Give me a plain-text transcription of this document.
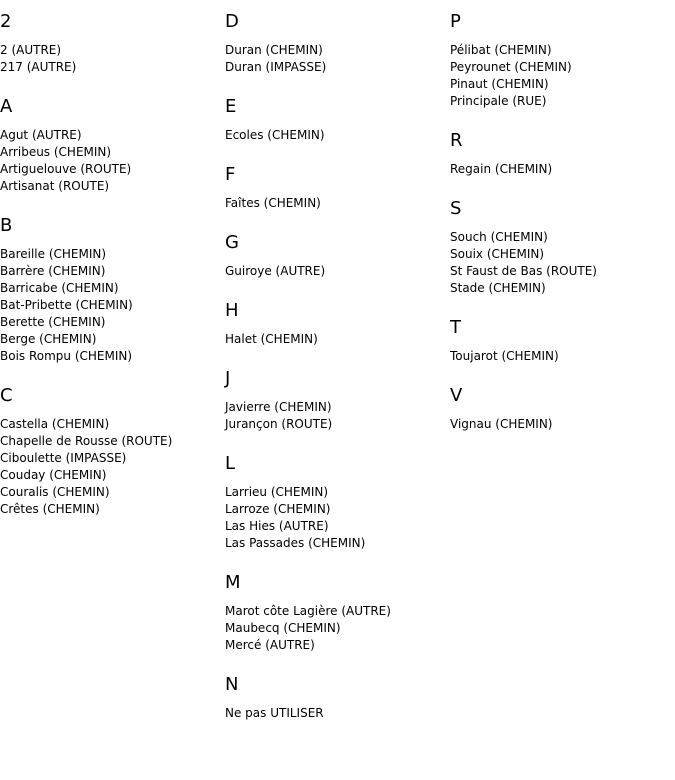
2
2 (AUTRE)
217 (AUTRE)
A
Agut (AUTRE)
Arribeus (CHEMIN)
Artiguelouve (ROUTE)
Artisanat (ROUTE)
B
Bareille (CHEMIN)
Barrère (CHEMIN)
Barricabe (CHEMIN)
Bat-Pribette (CHEMIN)
Berette (CHEMIN)
Berge (CHEMIN)
Bois Rompu (CHEMIN)
C
Castella (CHEMIN)
Chapelle de Rousse (ROUTE)
Ciboulette (IMPASSE)
Couday (CHEMIN)
Couralis (CHEMIN)
Crêtes (CHEMIN)
D
Duran (CHEMIN)
Duran (IMPASSE)
E
Ecoles (CHEMIN)
F
Faîtes (CHEMIN)
G
Guiroye (AUTRE)
H
Halet (CHEMIN)
J
Javierre (CHEMIN)
Jurançon (ROUTE)
L
Larrieu (CHEMIN)
Larroze (CHEMIN)
Las Hies (AUTRE)
Las Passades (CHEMIN)
M
Marot côte Lagière (AUTRE)
Maubecq (CHEMIN)
Mercé (AUTRE)
N
Ne pas UTILISER
P
Pélibat (CHEMIN)
Peyrounet (CHEMIN)
Pinaut (CHEMIN)
Principale (RUE)
R
Regain (CHEMIN)
S
Souch (CHEMIN)
Souix (CHEMIN)
St Faust de Bas (ROUTE)
Stade (CHEMIN)
T
Toujarot (CHEMIN)
V
Vignau (CHEMIN)
